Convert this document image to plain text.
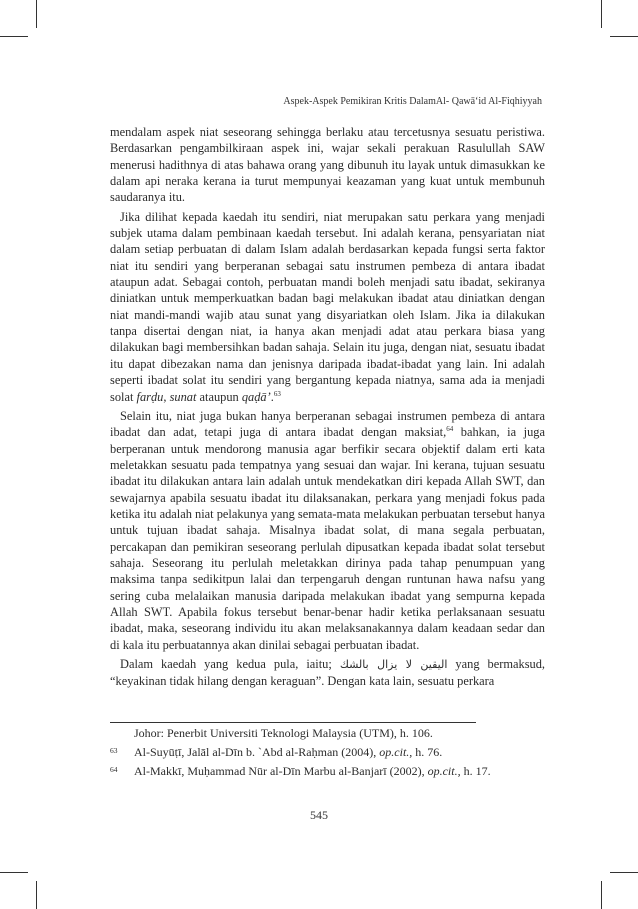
Aspek-Aspek Pemikiran Kritis DalamAl- Qawā‘id Al-Fiqhiyyah

mendalam aspek niat seseorang sehingga berlaku atau tercetusnya sesuatu peristiwa. Berdasarkan pengambilkiraan aspek ini, wajar sekali perakuan Rasulullah SAW menerusi hadithnya di atas bahawa orang yang dibunuh itu layak untuk dimasukkan ke dalam api neraka kerana ia turut mempunyai keazaman yang kuat untuk membunuh saudaranya itu.

Jika dilihat kepada kaedah itu sendiri, niat merupakan satu perkara yang menjadi subjek utama dalam pembinaan kaedah tersebut. Ini adalah kerana, pensyariatan niat dalam setiap perbuatan di dalam Islam adalah berdasarkan kepada fungsi serta faktor niat itu sendiri yang berperanan sebagai satu instrumen pembeza di antara ibadat ataupun adat. Sebagai contoh, perbuatan mandi boleh menjadi satu ibadat, sekiranya diniatkan untuk memperkuatkan badan bagi melakukan ibadat atau diniatkan dengan niat mandi-mandi wajib atau sunat yang disyariatkan oleh Islam. Jika ia dilakukan tanpa disertai dengan niat, ia hanya akan menjadi adat atau perkara biasa yang dilakukan bagi membersihkan badan sahaja. Selain itu juga, dengan niat, sesuatu ibadat itu dapat dibezakan nama dan jenisnya daripada ibadat-ibadat yang lain. Ini adalah seperti ibadat solat itu sendiri yang bergantung kepada niatnya, sama ada ia menjadi solat farḍu, sunat ataupun qaḍā’.$^{63}$

Selain itu, niat juga bukan hanya berperanan sebagai instrumen pembeza di antara ibadat dan adat, tetapi juga di antara ibadat dengan maksiat,$^{64}$ bahkan, ia juga berperanan untuk mendorong manusia agar berfikir secara objektif dalam erti kata meletakkan sesuatu pada tempatnya yang sesuai dan wajar. Ini kerana, tujuan sesuatu ibadat itu dilakukan antara lain adalah untuk mendekatkan diri kepada Allah SWT, dan sewajarnya apabila sesuatu ibadat itu dilaksanakan, perkara yang menjadi fokus pada ketika itu adalah niat pelakunya yang semata-mata melakukan perbuatan tersebut hanya untuk tujuan ibadat sahaja. Misalnya ibadat solat, di mana segala perbuatan, percakapan dan pemikiran seseorang perlulah dipusatkan kepada ibadat solat tersebut sahaja. Seseorang itu perlulah meletakkan dirinya pada tahap penumpuan yang maksima tanpa sedikitpun lalai dan terpengaruh dengan runtunan hawa nafsu yang sering cuba melalaikan manusia daripada melakukan ibadat yang sempurna kepada Allah SWT. Apabila fokus tersebut benar-benar hadir ketika perlaksanaan sesuatu ibadat, maka, seseorang individu itu akan melaksanakannya dalam keadaan sedar dan di kala itu perbuatannya akan dinilai sebagai perbuatan ibadat.

Dalam kaedah yang kedua pula, iaitu; اليقين لا يزال بالشك yang bermaksud, “keyakinan tidak hilang dengan keraguan”. Dengan kata lain, sesuatu perkara

Johor: Penerbit Universiti Teknologi Malaysia (UTM), h. 106.
63 Al-Suyūṭī, Jalāl al-Dīn b. `Abd al-Raḥman (2004), op.cit., h. 76.
64 Al-Makkī, Muḥammad Nūr al-Dīn Marbu al-Banjarī (2002), op.cit., h. 17.
545
